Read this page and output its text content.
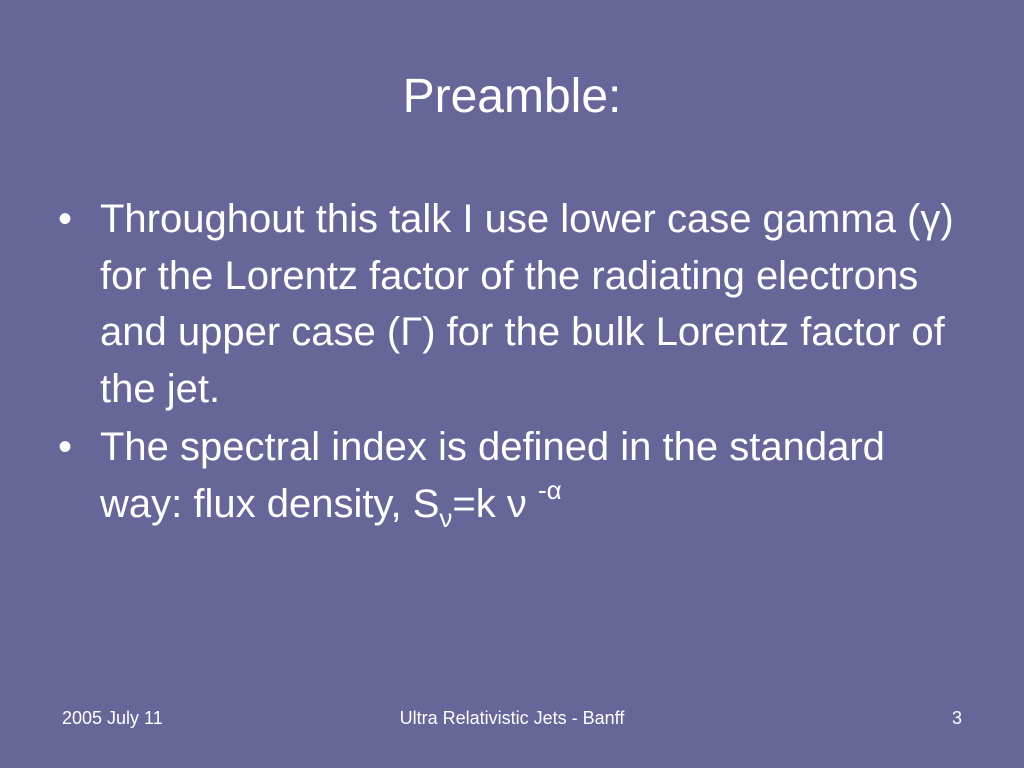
Preamble:
• Throughout this talk I use lower case gamma (γ) for the Lorentz factor of the radiating electrons and upper case (Γ) for the bulk Lorentz factor of the jet.
• The spectral index is defined in the standard way: flux density, $S_\nu=k$ ν $^{-\alpha}$
2005 July 11	Ultra Relativistic Jets - Banff	3
